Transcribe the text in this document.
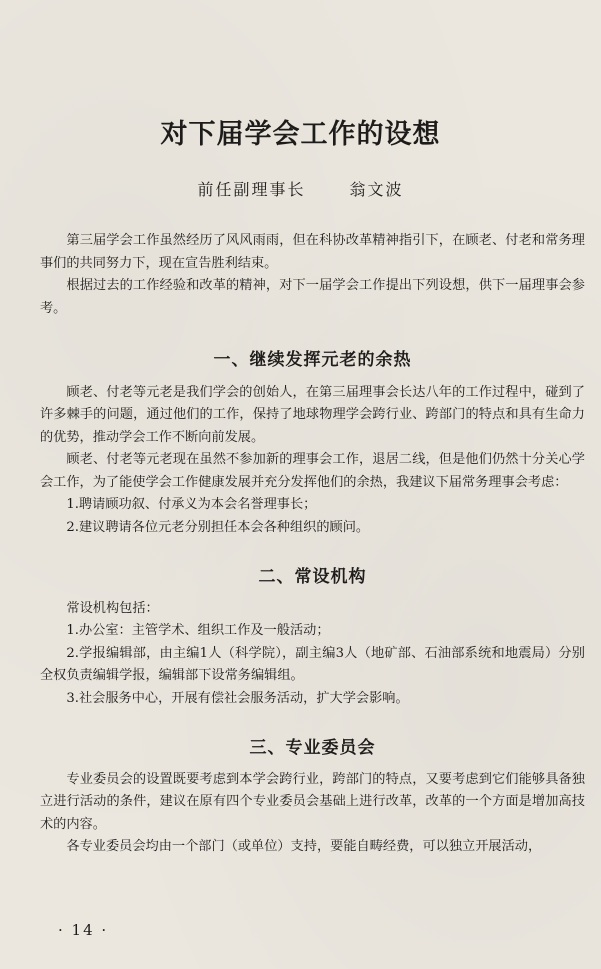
对下届学会工作的设想
前任副理事长	翁文波

第三届学会工作虽然经历了风风雨雨，但在科协改革精神指引下，在顾老、付老和常务理事们的共同努力下，现在宣告胜利结束。

根据过去的工作经验和改革的精神，对下一届学会工作提出下列设想，供下一届理事会参考。

一、继续发挥元老的余热

顾老、付老等元老是我们学会的创始人，在第三届理事会长达八年的工作过程中，碰到了许多棘手的问题，通过他们的工作，保持了地球物理学会跨行业、跨部门的特点和具有生命力的优势，推动学会工作不断向前发展。

顾老、付老等元老现在虽然不参加新的理事会工作，退居二线，但是他们仍然十分关心学会工作，为了能使学会工作健康发展并充分发挥他们的余热，我建议下届常务理事会考虑：

1.聘请顾功叙、付承义为本会名誉理事长；

2.建议聘请各位元老分别担任本会各种组织的顾问。

二、常设机构

常设机构包括：

1.办公室：主管学术、组织工作及一般活动；

2.学报编辑部，由主编1人（科学院），副主编3人（地矿部、石油部系统和地震局）分别全权负责编辑学报，编辑部下设常务编辑组。

3.社会服务中心，开展有偿社会服务活动，扩大学会影响。

三、专业委员会

专业委员会的设置既要考虑到本学会跨行业，跨部门的特点，又要考虑到它们能够具备独立进行活动的条件，建议在原有四个专业委员会基础上进行改革，改革的一个方面是增加高技术的内容。

各专业委员会均由一个部门（或单位）支持，要能自畴经费，可以独立开展活动，

· 14 ·
